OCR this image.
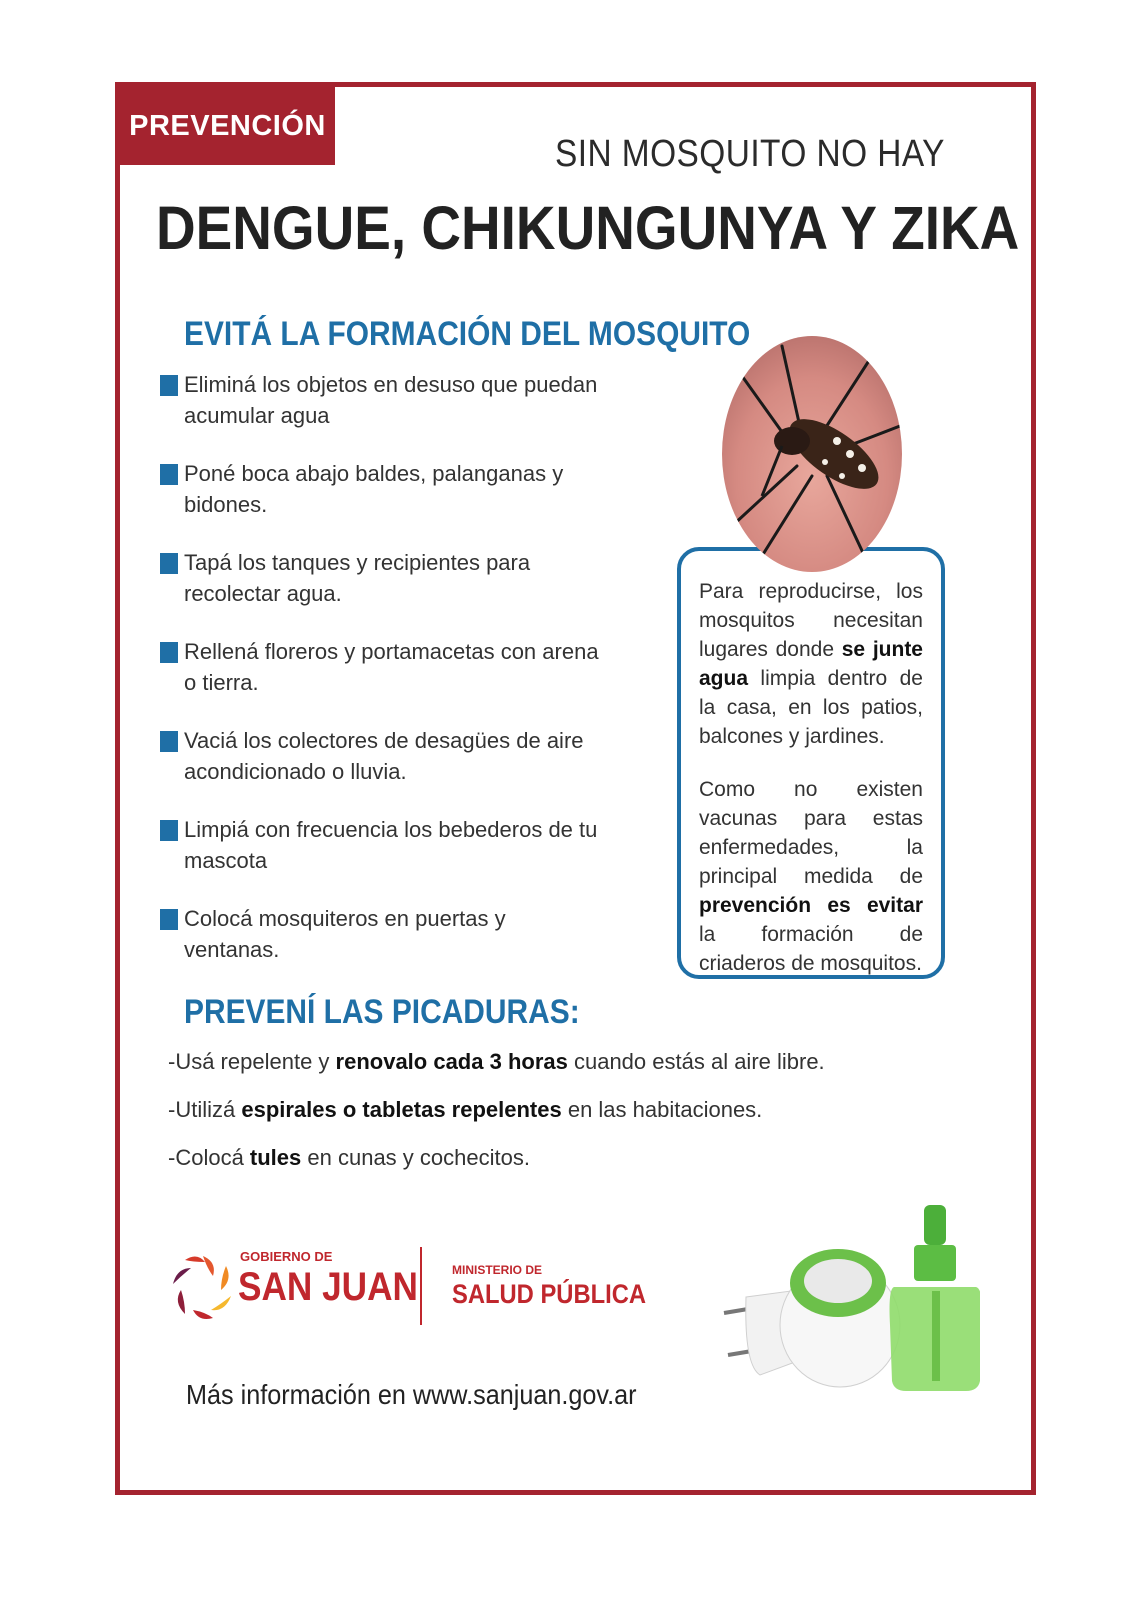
PREVENCIÓN
SIN MOSQUITO NO HAY
DENGUE, CHIKUNGUNYA Y ZIKA
EVITÁ LA FORMACIÓN DEL MOSQUITO
Eliminá los objetos en desuso que puedan acumular agua
Poné boca abajo baldes, palanganas y bidones.
Tapá los tanques y recipientes para recolectar agua.
Rellená floreros y portamacetas con arena o tierra.
Vaciá los colectores de desagües de aire acondicionado o lluvia.
Limpiá con frecuencia los bebederos de tu mascota
Colocá mosquiteros en puertas y ventanas.

Para reproducirse, los mosquitos necesitan lugares donde se junte agua limpia dentro de la casa, en los patios, balcones y jardines.

Como no existen vacunas para estas enfermedades, la principal medida de prevención es evitar la formación de criaderos de mosquitos.

PREVENÍ LAS PICADURAS:
-Usá repelente y renovalo cada 3 horas cuando estás al aire libre.
-Utilizá espirales o tabletas repelentes en las habitaciones.
-Colocá tules en cunas y cochecitos.
GOBIERNO DE
SAN JUAN	MINISTERIO DE
SALUD PÚBLICA
Más información en www.sanjuan.gov.ar
